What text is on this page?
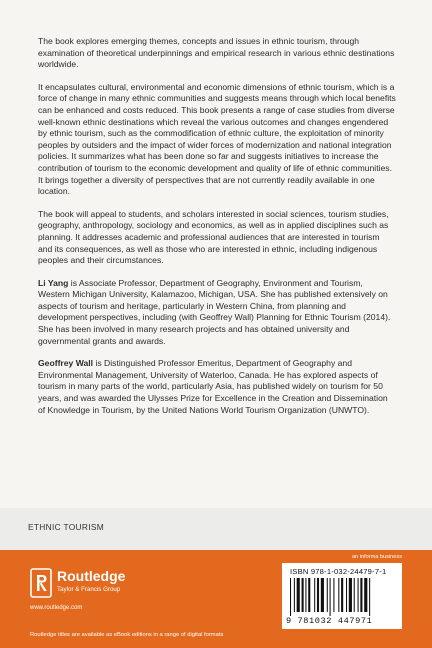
The book explores emerging themes, concepts and issues in ethnic tourism, through examination of theoretical underpinnings and empirical research in various ethnic destinations worldwide.

It encapsulates cultural, environmental and economic dimensions of ethnic tourism, which is a force of change in many ethnic communities and suggests means through which local benefits can be enhanced and costs reduced. This book presents a range of case studies from diverse well-known ethnic destinations which reveal the various outcomes and changes engendered by ethnic tourism, such as the commodification of ethnic culture, the exploitation of minority peoples by outsiders and the impact of wider forces of modernization and national integration policies. It summarizes what has been done so far and suggests initiatives to increase the contribution of tourism to the economic development and quality of life of ethnic communities. It brings together a diversity of perspectives that are not currently readily available in one location.

The book will appeal to students, and scholars interested in social sciences, tourism studies, geography, anthropology, sociology and economics, as well as in applied disciplines such as planning. It addresses academic and professional audiences that are interested in tourism and its consequences, as well as those who are interested in ethnic, including indigenous peoples and their circumstances.

Li Yang is Associate Professor, Department of Geography, Environment and Tourism, Western Michigan University, Kalamazoo, Michigan, USA. She has published extensively on aspects of tourism and heritage, particularly in Western China, from planning and development perspectives, including (with Geoffrey Wall) Planning for Ethnic Tourism (2014). She has been involved in many research projects and has obtained university and governmental grants and awards.

Geoffrey Wall is Distinguished Professor Emeritus, Department of Geography and Environmental Management, University of Waterloo, Canada. He has explored aspects of tourism in many parts of the world, particularly Asia, has published widely on tourism for 50 years, and was awarded the Ulysses Prize for Excellence in the Creation and Dissemination of Knowledge in Tourism, by the United Nations World Tourism Organization (UNWTO).

ETHNIC TOURISM
an informa business
Routledge
Taylor & Francis Group
www.routledge.com
Routledge titles are available as eBook editions in a range of digital formats
ISBN 978-1-032-24479-7-1
9 781032 447971
